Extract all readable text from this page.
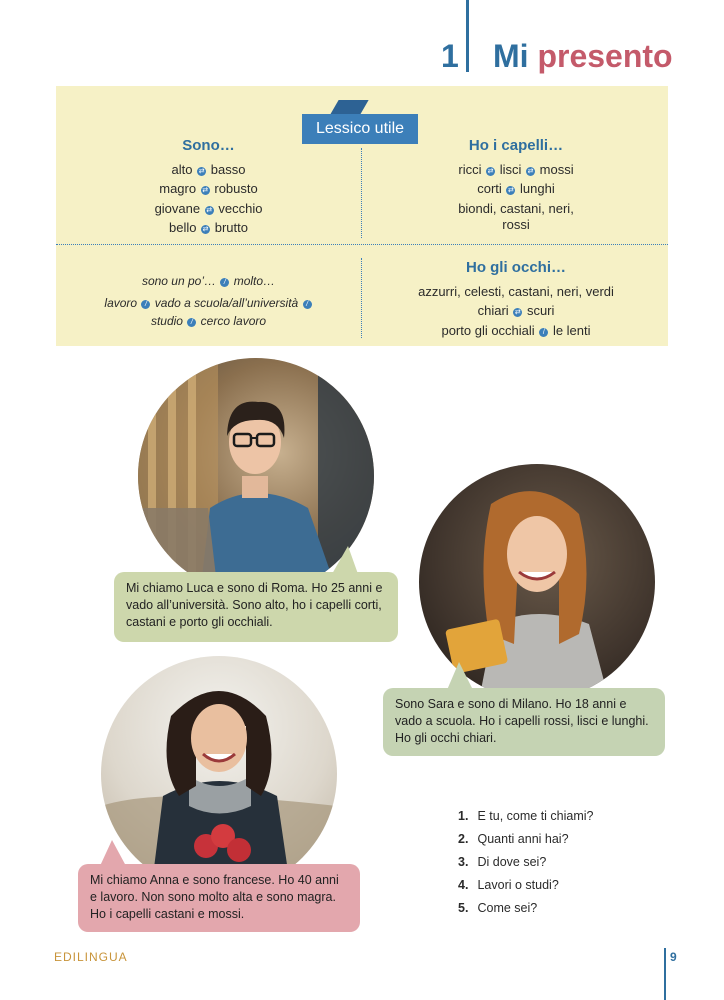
1 Mi presento
Lessico utile
Sono…
alto ⇄ basso
magro ⇄ robusto
giovane ⇄ vecchio
bello ⇄ brutto
Ho i capelli…
ricci ⇄ lisci ⇄ mossi
corti ⇄ lunghi
biondi, castani, neri,
rossi
sono un po’… / molto…
lavoro / vado a scuola/all’università /
studio / cerco lavoro
Ho gli occhi…
azzurri, celesti, castani, neri, verdi
chiari ⇄ scuri
porto gli occhiali / le lenti
Mi chiamo Luca e sono di Roma. Ho 25 anni e vado all’università. Sono alto, ho i capelli corti, castani e porto gli occhiali.
Sono Sara e sono di Milano. Ho 18 anni e vado a scuola. Ho i capelli rossi, lisci e lunghi. Ho gli occhi chiari.
Mi chiamo Anna e sono francese. Ho 40 anni e lavoro. Non sono molto alta e sono magra. Ho i capelli castani e mossi.
1. E tu, come ti chiami?
2. Quanti anni hai?
3. Di dove sei?
4. Lavori o studi?
5. Come sei?
EDILINGUA	9
